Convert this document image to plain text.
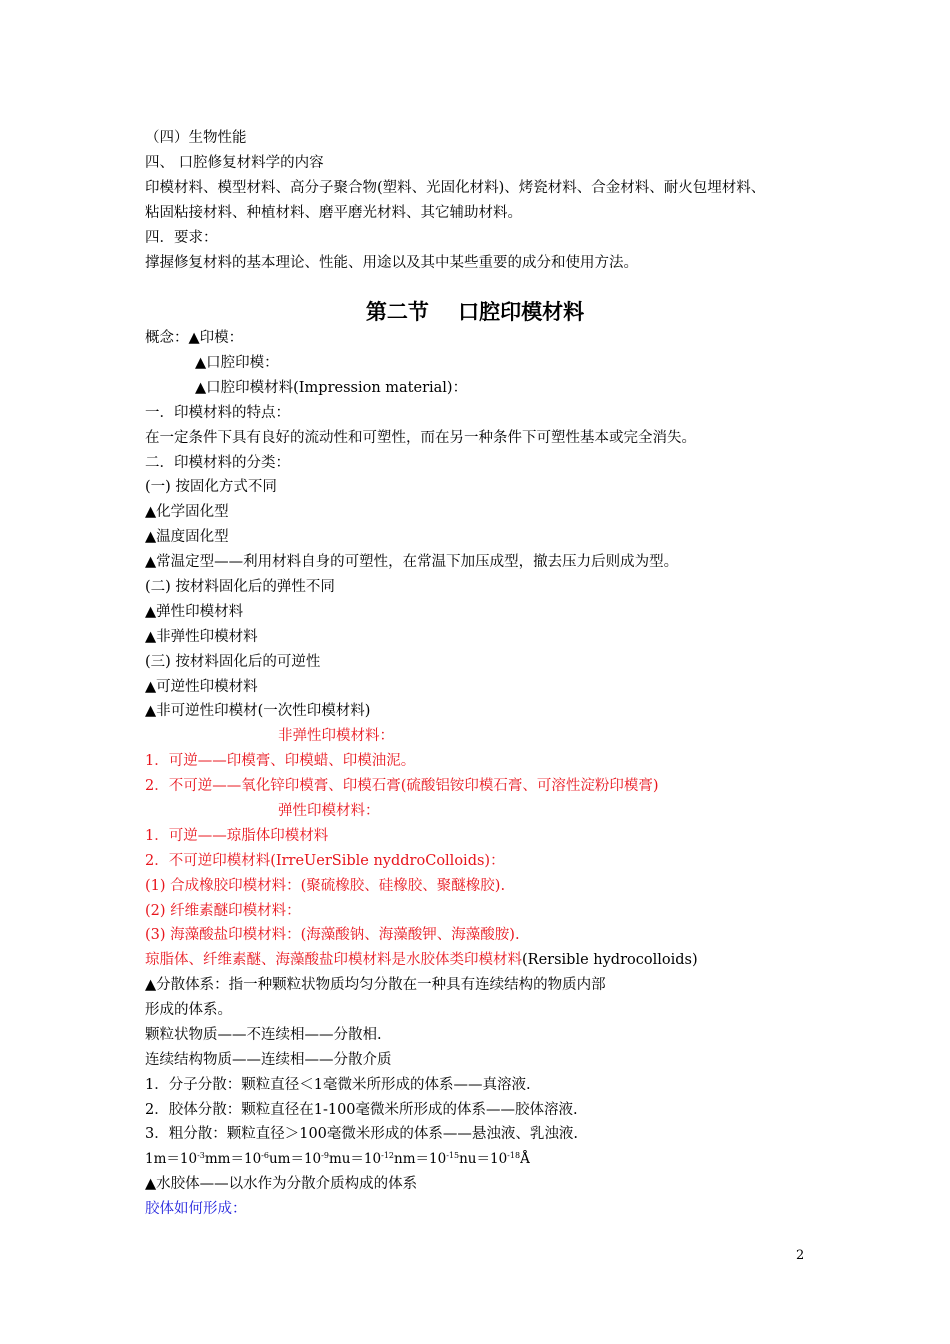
（四）生物性能
四、 口腔修复材料学的内容
印模材料、模型材料、高分子聚合物(塑料、光固化材料)、烤瓷材料、合金材料、耐火包埋材料、
粘固粘接材料、种植材料、磨平磨光材料、其它辅助材料。
四．要求：
撑握修复材料的基本理论、性能、用途以及其中某些重要的成分和使用方法。
第二节    口腔印模材料
概念：▲印模：
▲口腔印模：
▲口腔印模材料(Impression material)：
一．印模材料的特点：
在一定条件下具有良好的流动性和可塑性，而在另一种条件下可塑性基本或完全消失。
二．印模材料的分类：
(一) 按固化方式不同
▲化学固化型
▲温度固化型
▲常温定型——利用材料自身的可塑性，在常温下加压成型，撤去压力后则成为型。
(二) 按材料固化后的弹性不同
▲弹性印模材料
▲非弹性印模材料
(三) 按材料固化后的可逆性
▲可逆性印模材料
▲非可逆性印模材(一次性印模材料)
非弹性印模材料：
1．可逆——印模膏、印模蜡、印模油泥。
2．不可逆——氧化锌印模膏、印模石膏(硫酸铝铵印模石膏、可溶性淀粉印模膏)
弹性印模材料：
1．可逆——琼脂体印模材料
2．不可逆印模材料(IrreUerSible nyddroColloids)：
(1) 合成橡胶印模材料：(聚硫橡胶、硅橡胶、聚醚橡胶).
(2) 纤维素醚印模材料：
(3) 海藻酸盐印模材料：(海藻酸钠、海藻酸钾、海藻酸胺).
琼脂体、纤维素醚、海藻酸盐印模材料是水胶体类印模材料(Rersible hydrocolloids)
▲分散体系：指一种颗粒状物质均匀分散在一种具有连续结构的物质内部
形成的体系。
颗粒状物质——不连续相——分散相.
连续结构物质——连续相——分散介质
1．分子分散：颗粒直径＜1毫微米所形成的体系——真溶液.
2．胶体分散：颗粒直径在1-100毫微米所形成的体系——胶体溶液.
3．粗分散：颗粒直径＞100毫微米形成的体系——悬浊液、乳浊液.
$1m=10^{-3}mm=10^{-6}um=10^{-9}mu=10^{-12}nm=10^{-15}nu=10^{-18}Å$
▲水胶体——以水作为分散介质构成的体系
胶体如何形成：
2
